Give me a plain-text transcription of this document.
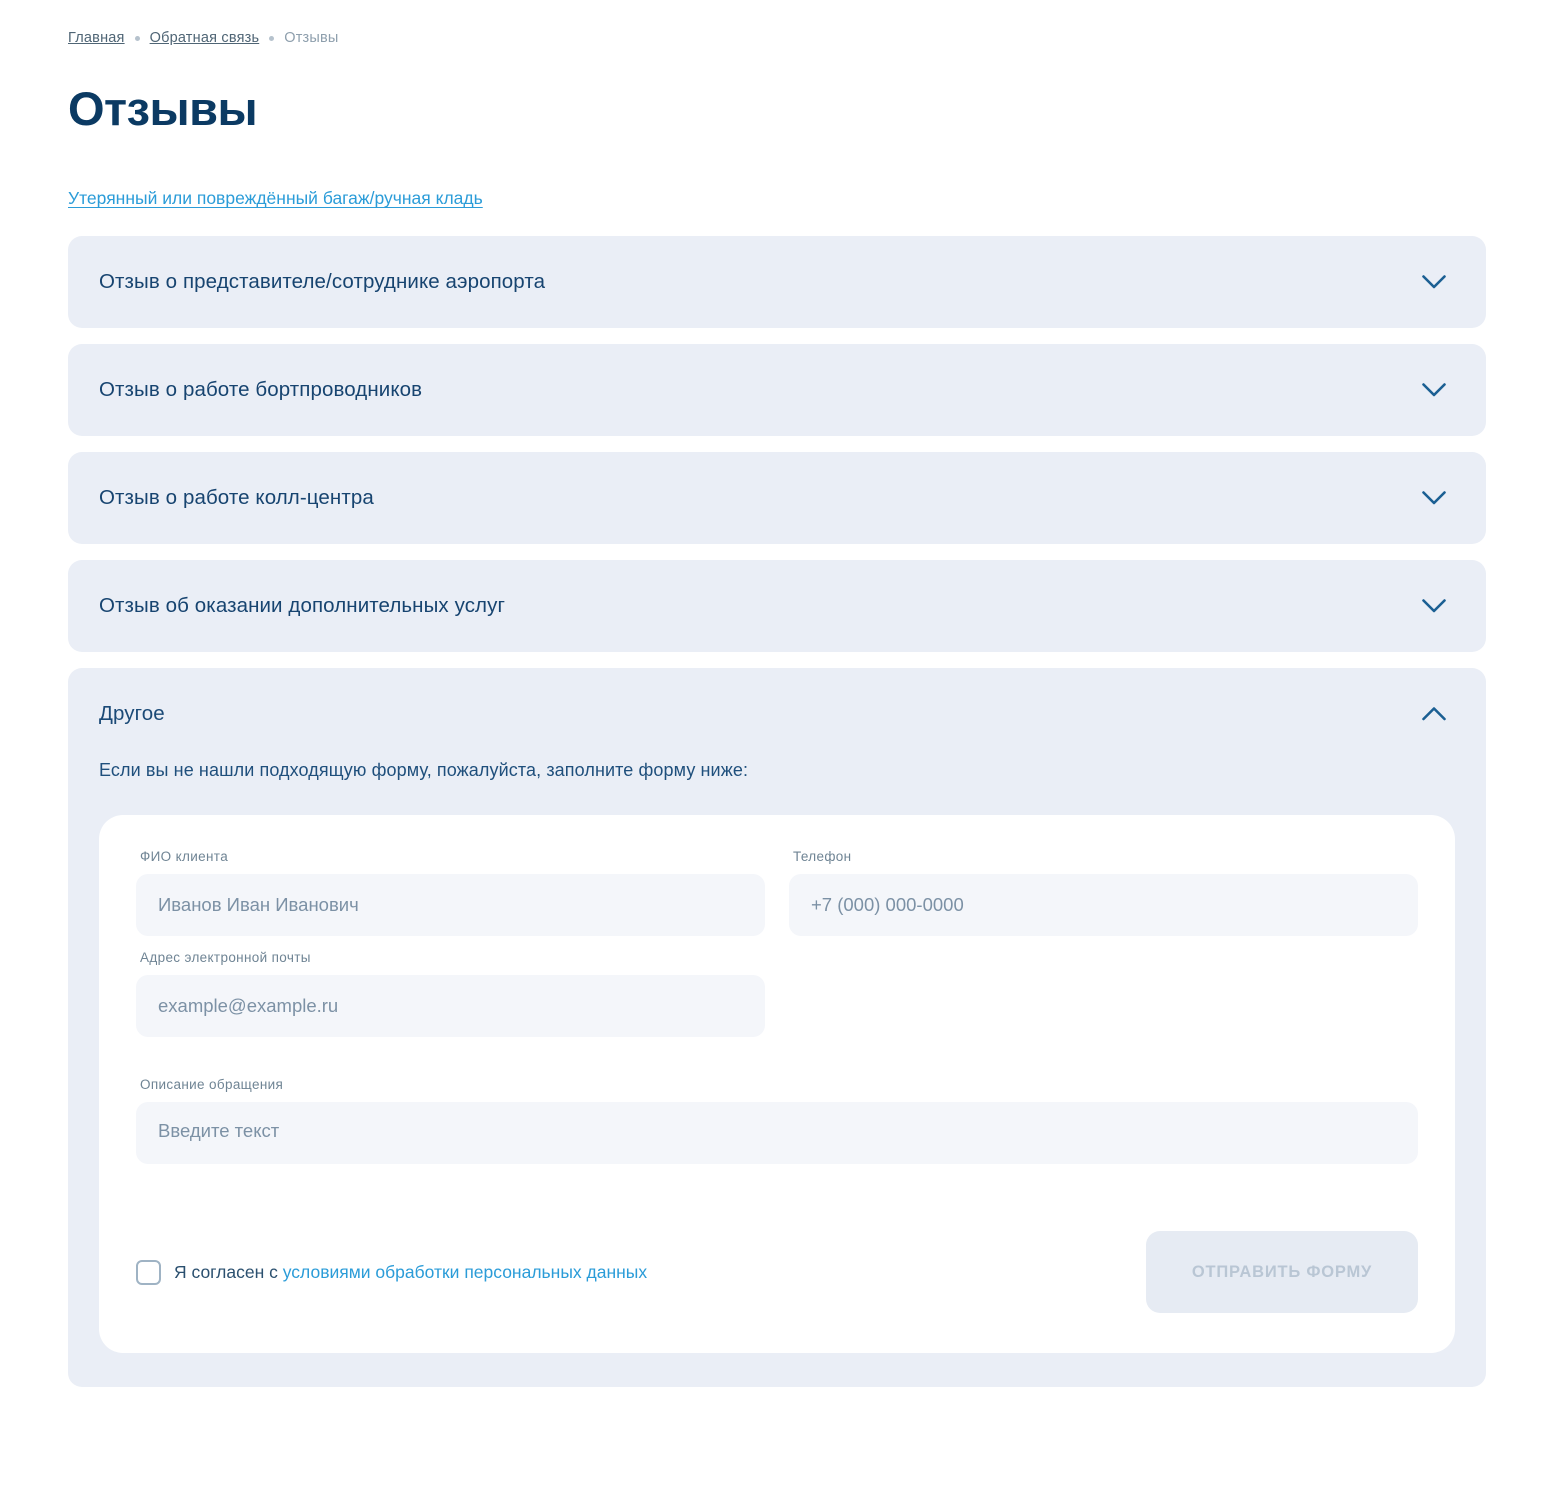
Главная Обратная связь Отзывы
Отзывы
Утерянный или повреждённый багаж/ручная кладь
Отзыв о представителе/сотруднике аэропорта
Отзыв о работе бортпроводников
Отзыв о работе колл-центра
Отзыв об оказании дополнительных услуг
Другое

Если вы не нашли подходящую форму, пожалуйста, заполните форму ниже:

ФИО клиента
Иванов Иван Иванович	Телефон
+7 (000) 000-0000
Адрес электронной почты
example@example.ru
Описание обращения
Введите текст
Я согласен с условиями обработки персональных данных	ОТПРАВИТЬ ФОРМУ
